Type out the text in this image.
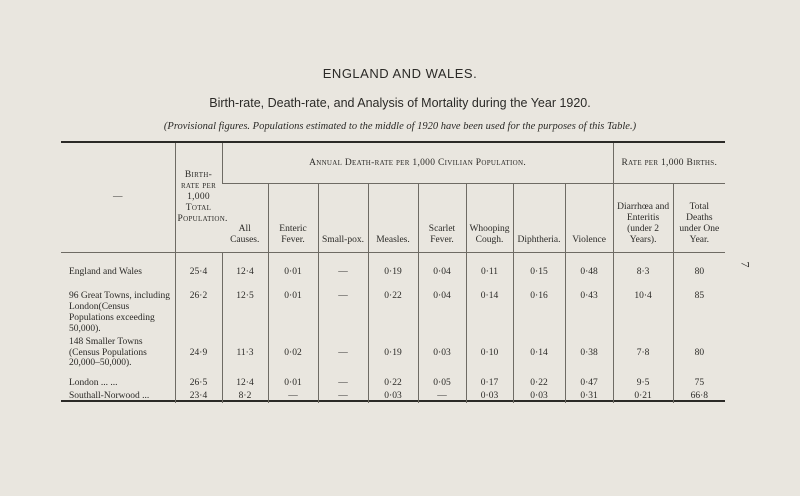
ENGLAND AND WALES.
Birth-rate, Death-rate, and Analysis of Mortality during the Year 1920.
(Provisional figures. Populations estimated to the middle of 1920 have been used for the purposes of this Table.)
7
—	Birth-rate per 1,000 Total Population.	Annual Death-rate per 1,000 Civilian Population.								Rate per 1,000 Births.	
		All Causes.	Enteric Fever.	Small-pox.	Measles.	Scarlet Fever.	Whooping Cough.	Diphtheria.	Violence	Diarrhœa and Enteritis (under 2 Years).	Total Deaths under One Year.
England and Wales	25·4	12·4	0·01	—	0·19	0·04	0·11	0·15	0·48	8·3	80
96 Great Towns, including London(Census Populations exceeding 50,000).	26·2	12·5	0·01	—	0·22	0·04	0·14	0·16	0·43	10·4	85
148 Smaller Towns (Census Populations 20,000–50,000).	24·9	11·3	0·02	—	0·19	0·03	0·10	0·14	0·38	7·8	80
London ... ...	26·5	12·4	0·01	—	0·22	0·05	0·17	0·22	0·47	9·5	75
Southall-Norwood ...	23·4	8·2	—	—	0·03	—	0·03	0·03	0·31	0·21	66·8
